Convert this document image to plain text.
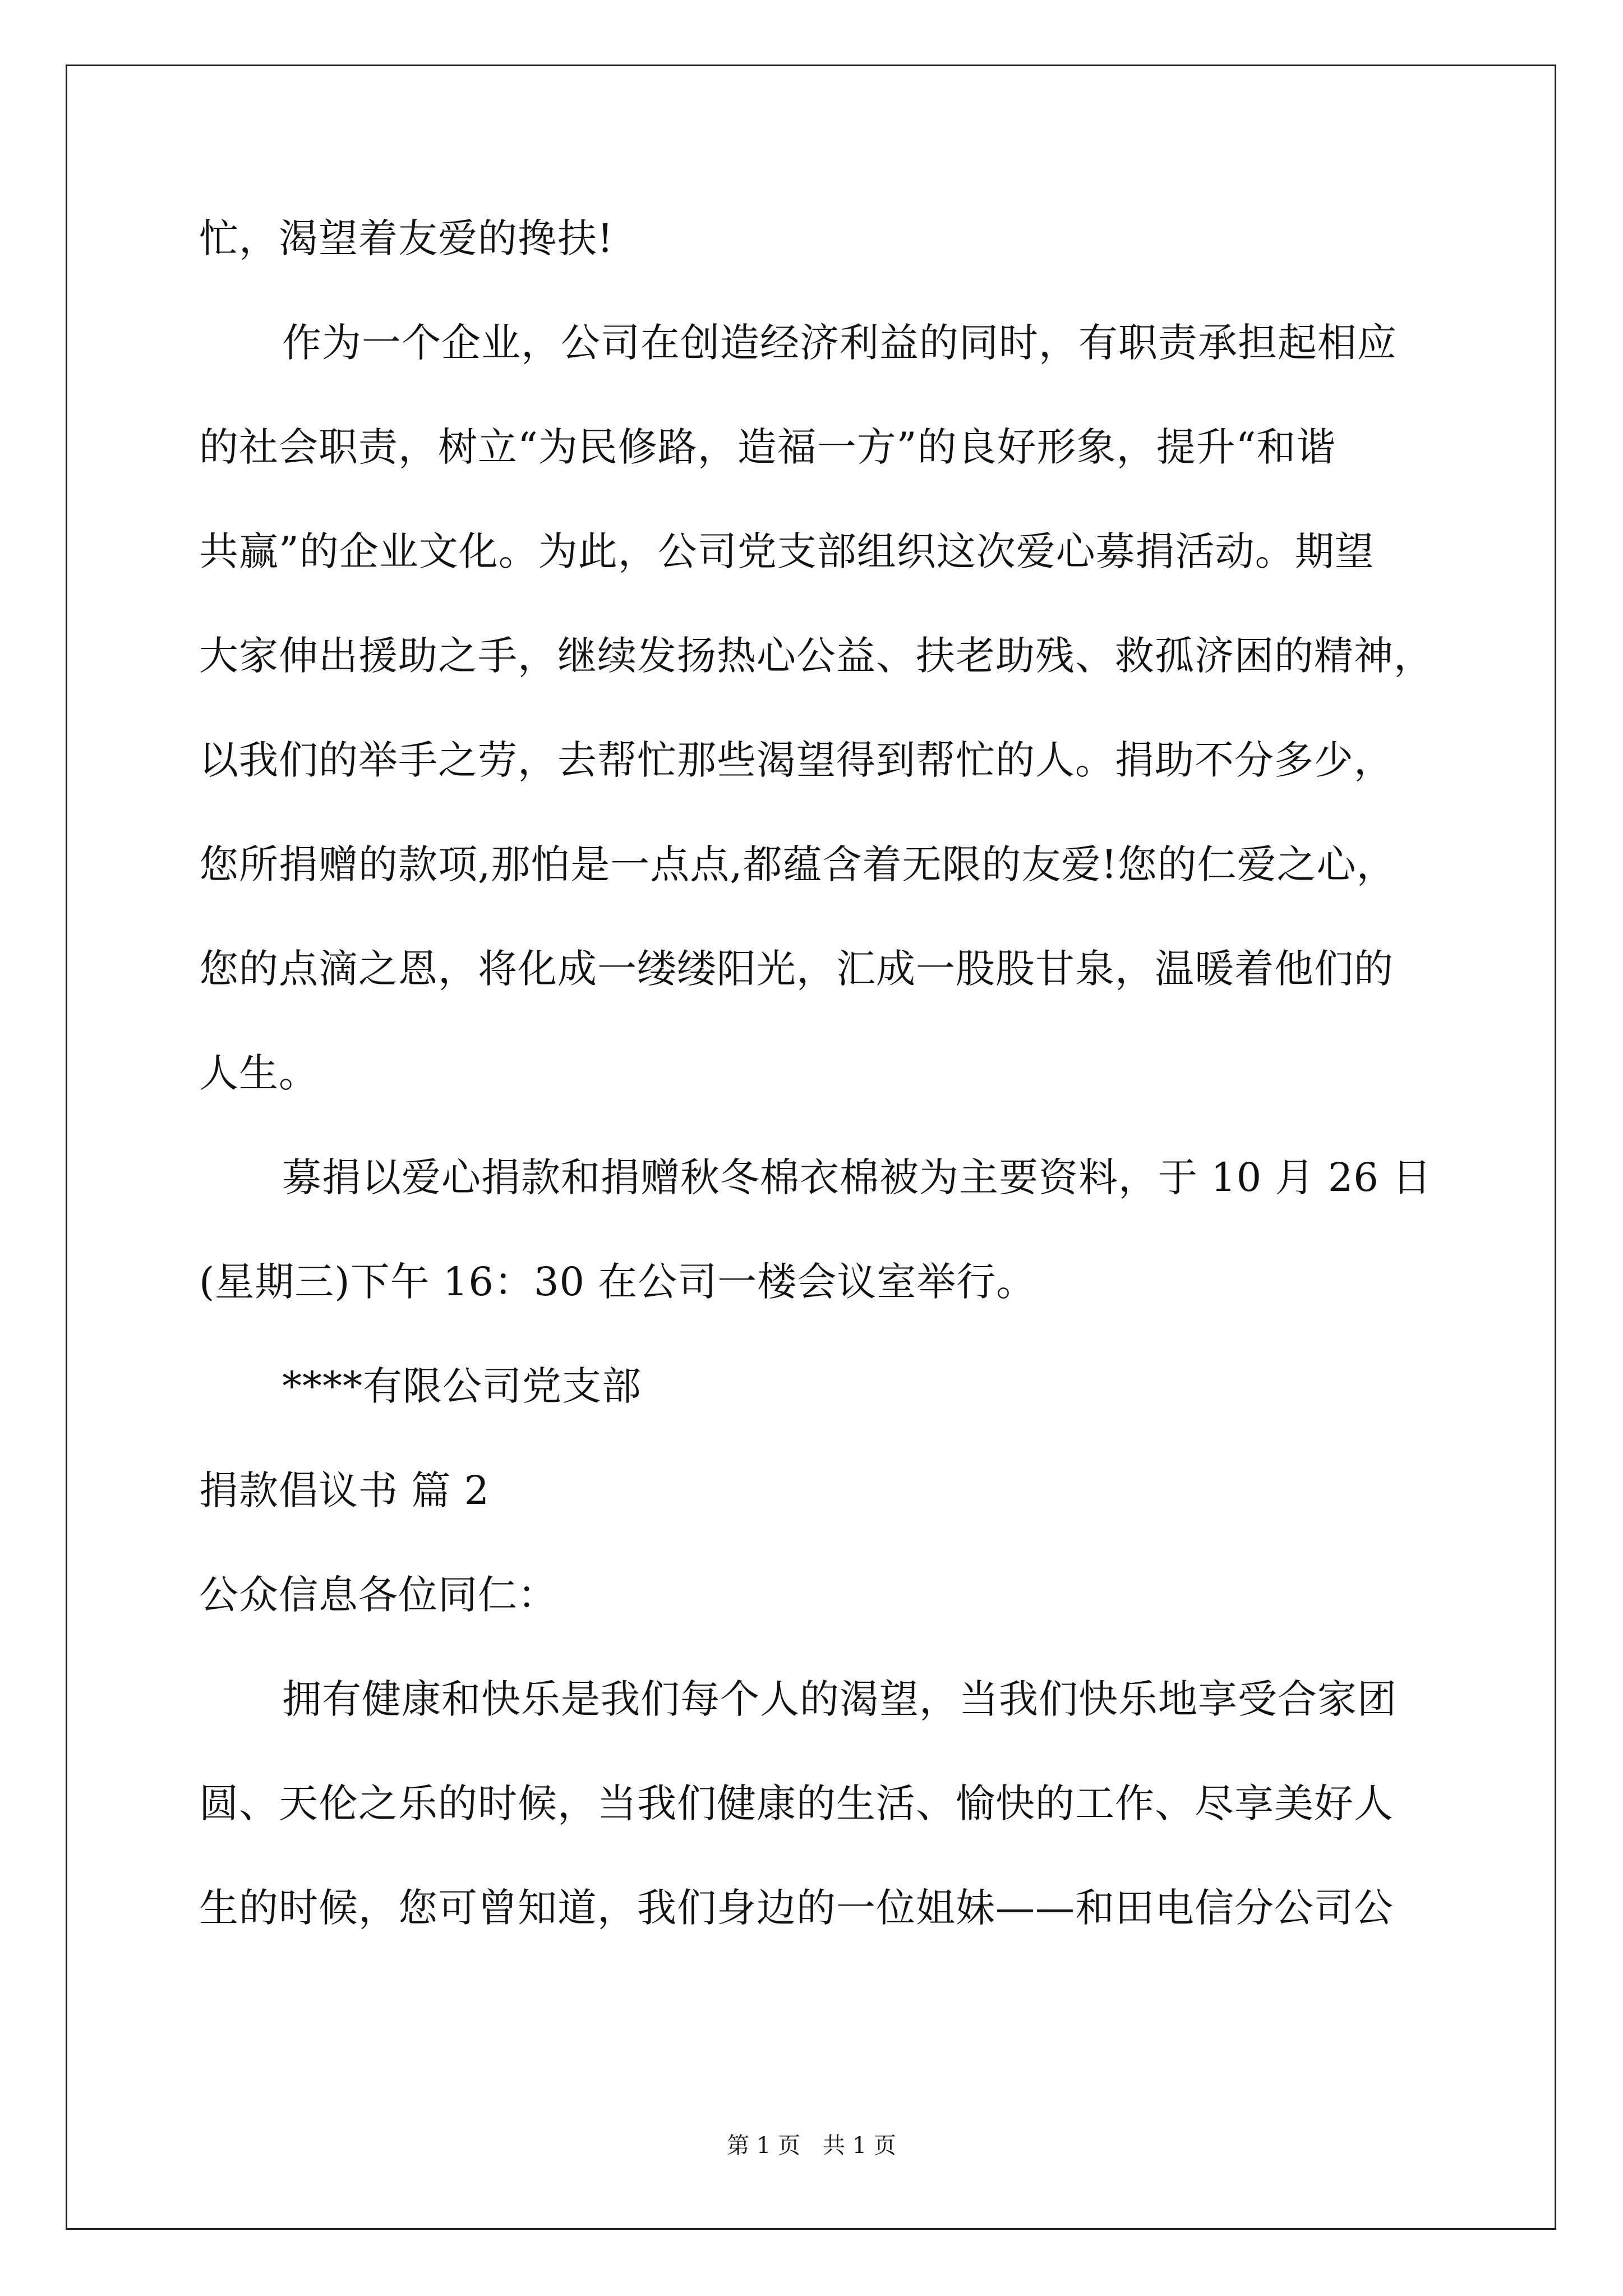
忙，渴望着友爱的搀扶!
作为一个企业，公司在创造经济利益的同时，有职责承担起相应
的社会职责，树立“为民修路，造福一方”的良好形象，提升“和谐
共赢”的企业文化。为此，公司党支部组织这次爱心募捐活动。期望
大家伸出援助之手，继续发扬热心公益、扶老助残、救孤济困的精神，
以我们的举手之劳，去帮忙那些渴望得到帮忙的人。捐助不分多少，
您所捐赠的款项,那怕是一点点,都蕴含着无限的友爱!您的仁爱之心，
您的点滴之恩，将化成一缕缕阳光，汇成一股股甘泉，温暖着他们的
人生。
募捐以爱心捐款和捐赠秋冬棉衣棉被为主要资料，于 10 月 26 日
(星期三)下午 16：30 在公司一楼会议室举行。
****有限公司党支部
捐款倡议书 篇 2
公众信息各位同仁：
拥有健康和快乐是我们每个人的渴望，当我们快乐地享受合家团
圆、天伦之乐的时候，当我们健康的生活、愉快的工作、尽享美好人
生的时候，您可曾知道，我们身边的一位姐妹——和田电信分公司公
第 1 页　共 1 页
